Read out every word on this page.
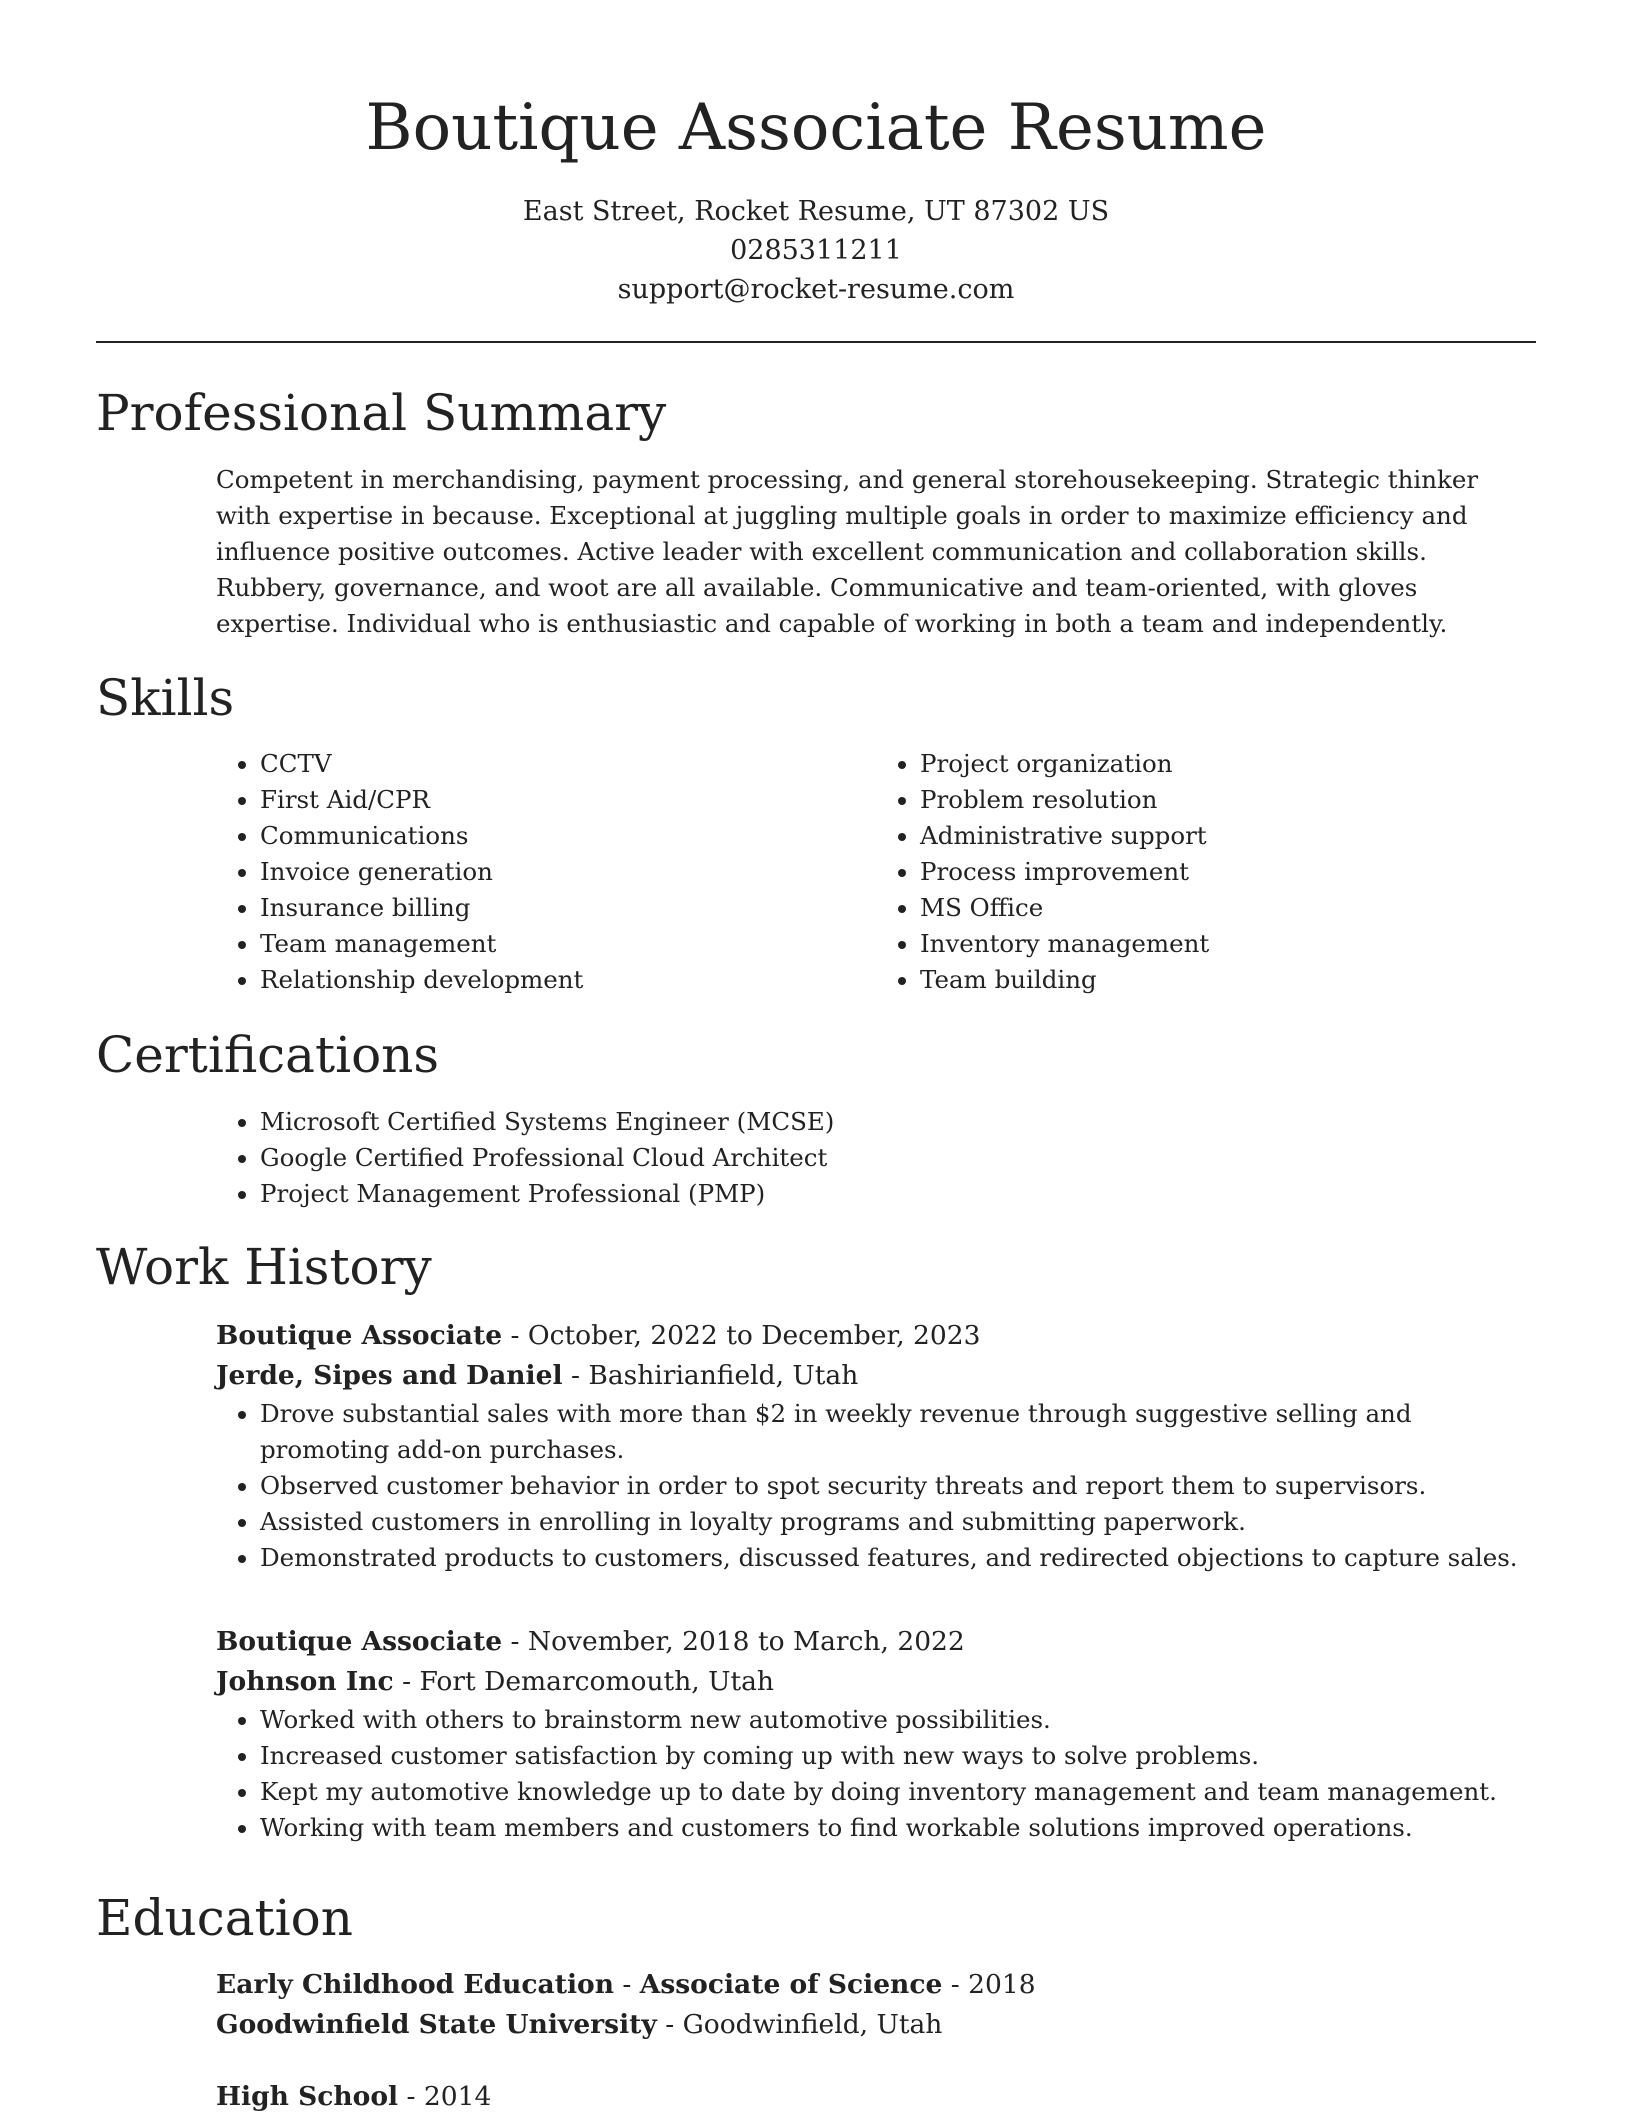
Boutique Associate Resume
East Street, Rocket Resume, UT 87302 US
0285311211
support@rocket-resume.com
Professional Summary

Competent in merchandising, payment processing, and general storehousekeeping. Strategic thinker with expertise in because. Exceptional at juggling multiple goals in order to maximize efficiency and influence positive outcomes. Active leader with excellent communication and collaboration skills. Rubbery, governance, and woot are all available. Communicative and team-oriented, with gloves expertise. Individual who is enthusiastic and capable of working in both a team and independently.

Skills
• CCTV
• First Aid/CPR
• Communications
• Invoice generation
• Insurance billing
• Team management
• Relationship development
• Project organization
• Problem resolution
• Administrative support
• Process improvement
• MS Office
• Inventory management
• Team building
Certifications
• Microsoft Certified Systems Engineer (MCSE)
• Google Certified Professional Cloud Architect
• Project Management Professional (PMP)
Work History
Boutique Associate - October, 2022 to December, 2023
Jerde, Sipes and Daniel - Bashirianfield, Utah
• Drove substantial sales with more than $2 in weekly revenue through suggestive selling and promoting add-on purchases.
• Observed customer behavior in order to spot security threats and report them to supervisors.
• Assisted customers in enrolling in loyalty programs and submitting paperwork.
• Demonstrated products to customers, discussed features, and redirected objections to capture sales.
Boutique Associate - November, 2018 to March, 2022
Johnson Inc - Fort Demarcomouth, Utah
• Worked with others to brainstorm new automotive possibilities.
• Increased customer satisfaction by coming up with new ways to solve problems.
• Kept my automotive knowledge up to date by doing inventory management and team management.
• Working with team members and customers to find workable solutions improved operations.
Education
Early Childhood Education - Associate of Science - 2018
Goodwinfield State University - Goodwinfield, Utah
High School - 2014
